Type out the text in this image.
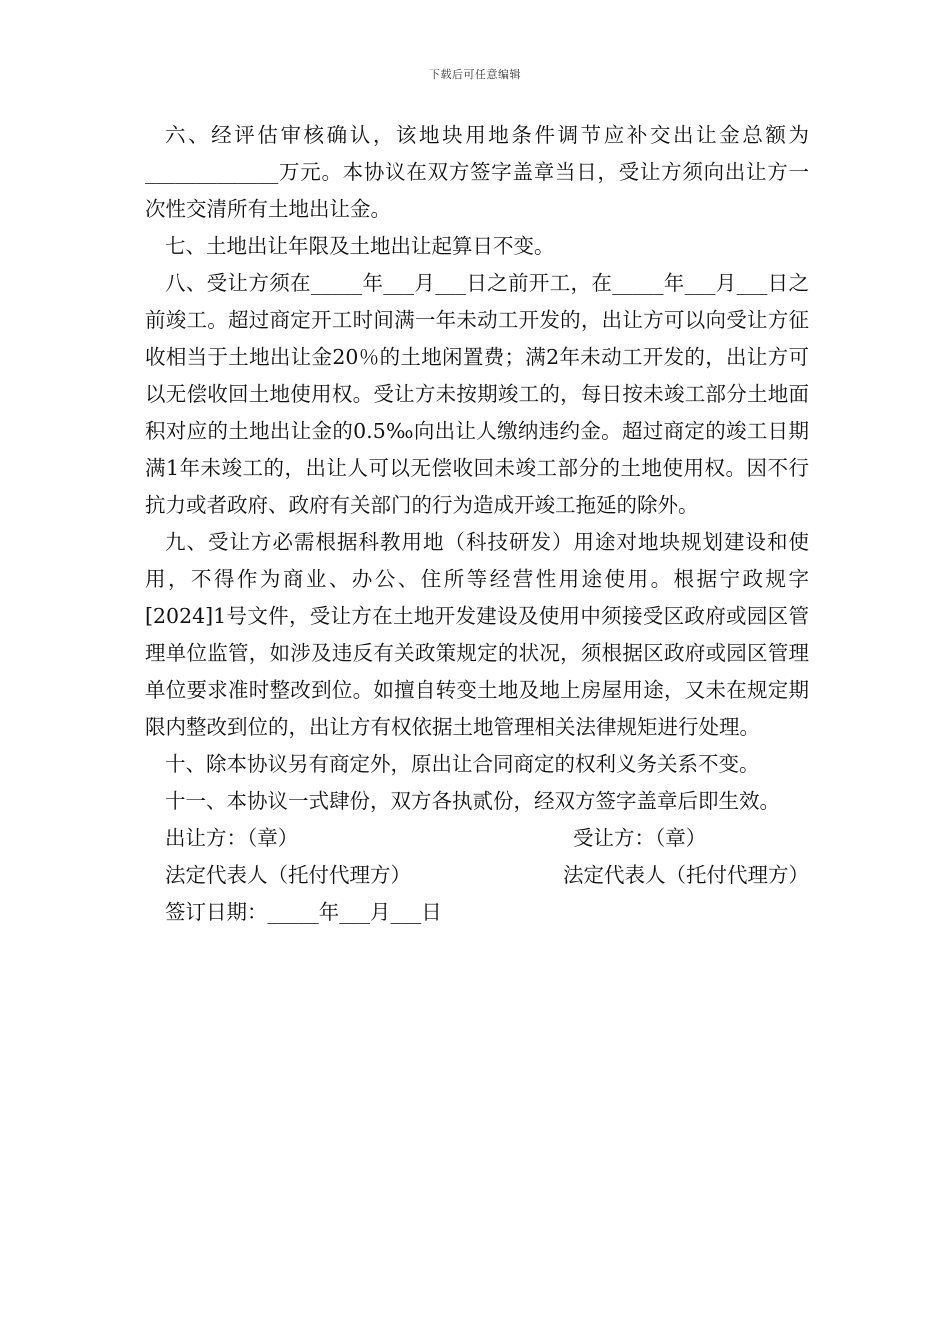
下载后可任意编辑

六、经评估审核确认，该地块用地条件调节应补交出让金总额为_____________万元。本协议在双方签字盖章当日，受让方须向出让方一次性交清所有土地出让金。

七、土地出让年限及土地出让起算日不变。

八、受让方须在_____年___月___日之前开工，在_____年___月___日之前竣工。超过商定开工时间满一年未动工开发的，出让方可以向受让方征收相当于土地出让金20％的土地闲置费；满2年未动工开发的，出让方可以无偿收回土地使用权。受让方未按期竣工的，每日按未竣工部分土地面积对应的土地出让金的0.5‰向出让人缴纳违约金。超过商定的竣工日期满1年未竣工的，出让人可以无偿收回未竣工部分的土地使用权。因不行抗力或者政府、政府有关部门的行为造成开竣工拖延的除外。

九、受让方必需根据科教用地（科技研发）用途对地块规划建设和使用，不得作为商业、办公、住所等经营性用途使用。根据宁政规字[2024]1号文件，受让方在土地开发建设及使用中须接受区政府或园区管理单位监管，如涉及违反有关政策规定的状况，须根据区政府或园区管理单位要求准时整改到位。如擅自转变土地及地上房屋用途，又未在规定期限内整改到位的，出让方有权依据土地管理相关法律规矩进行处理。

十、除本协议另有商定外，原出让合同商定的权利义务关系不变。

十一、本协议一式肆份，双方各执贰份，经双方签字盖章后即生效。

出让方：（章）	受让方：（章）

法定代表人（托付代理方）	法定代表人（托付代理方）

签订日期：_____年___月___日
